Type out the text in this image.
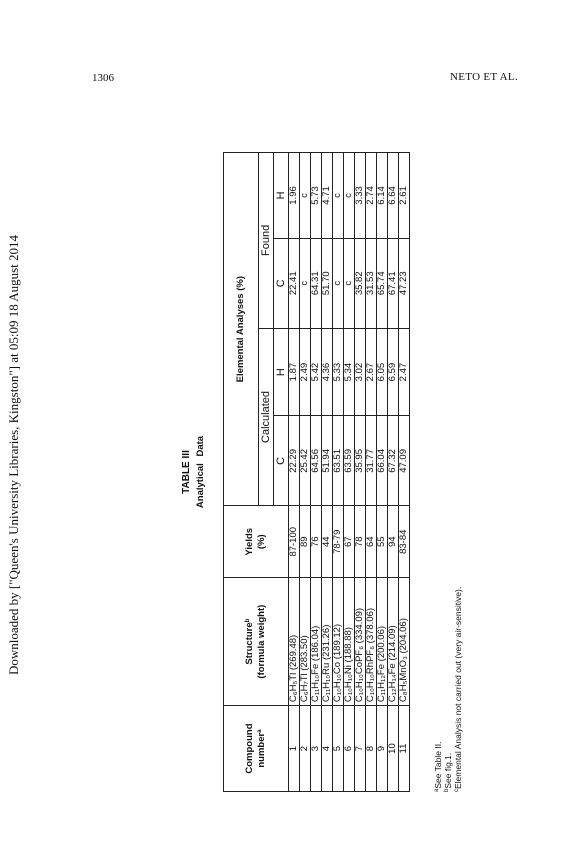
1306	NETO ET AL.
Downloaded by ["Queen's University Libraries, Kingston"] at 05:09 18 August 2014	TABLE III Analytical Data
Compound
number$^a$	Structure$^b$ (formula weight)	Yields
(%)	Elemental Analyses (%)			
			Calculated		Found	
			C	H	C	H
1	C₆H₅Tl (269.48)	87-100	22.29	1.87	22.41	1.96
2	C₆H₇Tl (283.50)	89	25.42	2.49	c	c
3	C₁₁H₁₀Fe (186.04)	76	64.56	5.42	64.31	5.73
4	C₁₁H₁₀Ru (231.26)	44	51.94	4.36	51.70	4.71
5	C₁₀H₁₀Co (189.12)	78-79	63.51	5.33	c	c
6	C₁₀H₁₀Ni (188.88)	67	63.59	5.34	c	c
7	C₁₀H₁₀CoPF₆ (334.09)	78	35.95	3.02	35.82	3.33
8	C₁₀H₁₀RhPF₆ (378.06)	64	31.77	2.67	31.53	2.74
9	C₁₁H₁₂Fe (200.06)	55	66.04	6.05	65.74	6.14
10	C₁₂H₁₄Fe (214.09)	94	67.32	6.59	67.41	6.64
11	C₈H₅MnO₃ (204.06)	83-84	47.09	2.47	47.23	2.61
$^a$See Table II.
$^b$See fig.1.
$^c$Elemental Analysis not carried out (very air-sensitive).
